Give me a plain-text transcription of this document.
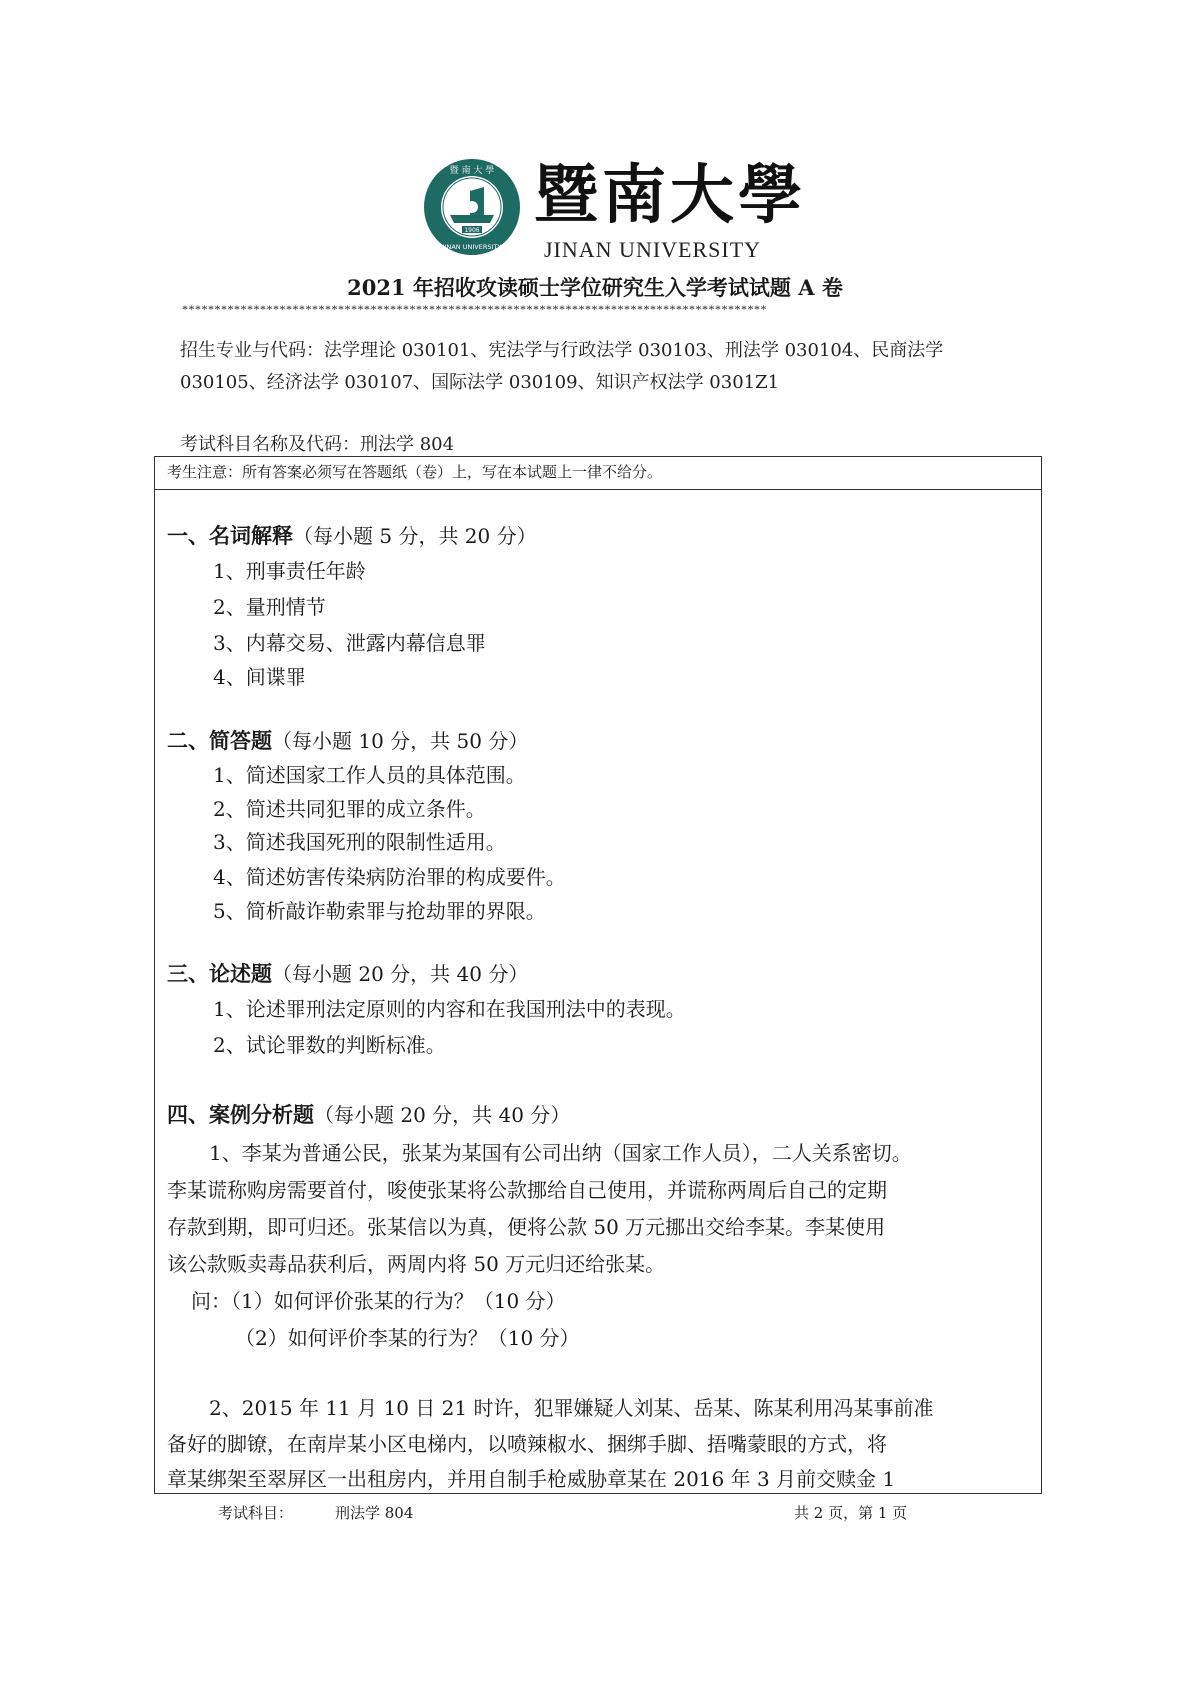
1906
暨 南 大 學
JINAN UNIVERSITY
暨南大學
JINAN UNIVERSITY
2021 年招收攻读硕士学位研究生入学考试试题 A 卷
******************************************************************************************
招生专业与代码：法学理论 030101、宪法学与行政法学 030103、刑法学 030104、民商法学
030105、经济法学 030107、国际法学 030109、知识产权法学 0301Z1
考试科目名称及代码：刑法学 804
考生注意：所有答案必须写在答题纸（卷）上，写在本试题上一律不给分。
一、名词解释（每小题 5 分，共 20 分）
1、刑事责任年龄
2、量刑情节
3、内幕交易、泄露内幕信息罪
4、间谍罪
二、简答题（每小题 10 分，共 50 分）
1、简述国家工作人员的具体范围。
2、简述共同犯罪的成立条件。
3、简述我国死刑的限制性适用。
4、简述妨害传染病防治罪的构成要件。
5、简析敲诈勒索罪与抢劫罪的界限。
三、论述题（每小题 20 分，共 40 分）
1、论述罪刑法定原则的内容和在我国刑法中的表现。
2、试论罪数的判断标准。
四、案例分析题（每小题 20 分，共 40 分）
1、李某为普通公民，张某为某国有公司出纳（国家工作人员），二人关系密切。
李某谎称购房需要首付，唆使张某将公款挪给自己使用，并谎称两周后自己的定期
存款到期，即可归还。张某信以为真，便将公款 50 万元挪出交给李某。李某使用
该公款贩卖毒品获利后，两周内将 50 万元归还给张某。
问：（1）如何评价张某的行为？（10 分）
（2）如何评价李某的行为？（10 分）
2、2015 年 11 月 10 日 21 时许，犯罪嫌疑人刘某、岳某、陈某利用冯某事前准
备好的脚镣，在南岸某小区电梯内，以喷辣椒水、捆绑手脚、捂嘴蒙眼的方式，将
章某绑架至翠屏区一出租房内，并用自制手枪威胁章某在 2016 年 3 月前交赎金 1
考试科目：	刑法学 804	共 2 页，第 1 页
